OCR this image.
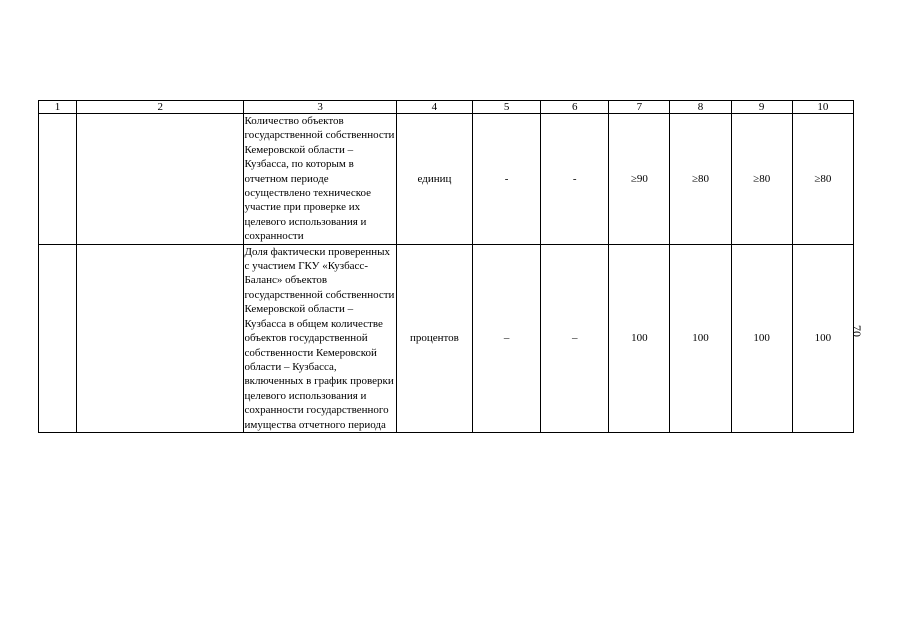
1	2	3	4	5	6	7	8	9	10
		Количество объектов государственной собственности Кемеровской области – Кузбасса, по которым в отчетном периоде осуществлено техническое участие при проверке их целевого использования и сохранности	единиц	-	-	≥90	≥80	≥80	≥80
		Доля фактически проверенных с участием ГКУ «Кузбасс-Баланс» объектов государственной собственности Кемеровской области – Кузбасса в общем количестве объектов государственной собственности Кемеровской области – Кузбасса, включенных в график проверки целевого использования и сохранности государственного имущества отчетного периода	процентов	–	–	100	100	100	100
70
